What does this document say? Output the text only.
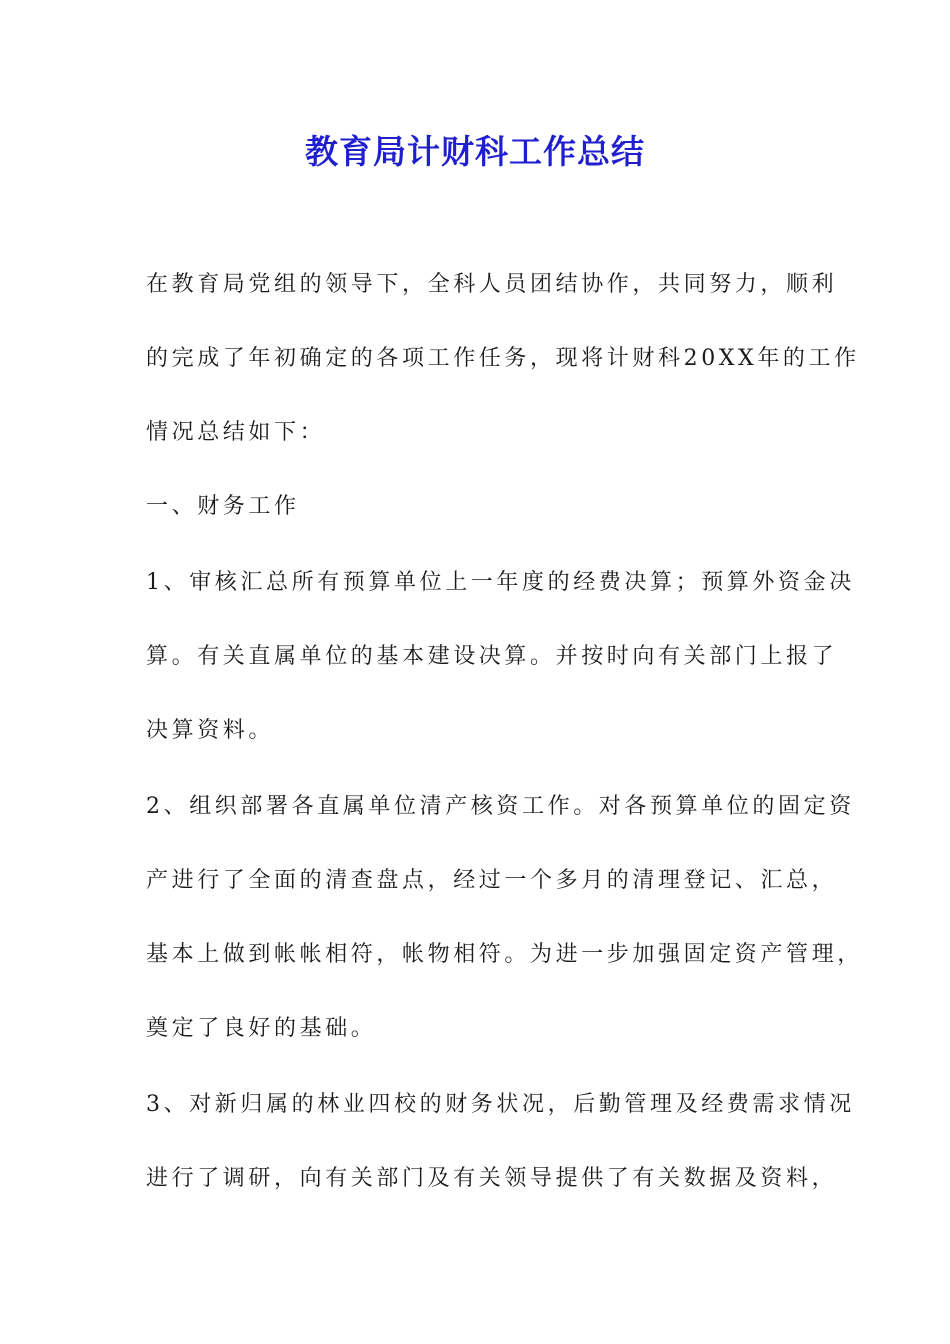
教育局计财科工作总结
在教育局党组的领导下，全科人员团结协作，共同努力，顺利
的完成了年初确定的各项工作任务，现将计财科20XX年的工作
情况总结如下：
一、财务工作
1、审核汇总所有预算单位上一年度的经费决算；预算外资金决
算。有关直属单位的基本建设决算。并按时向有关部门上报了
决算资料。
2、组织部署各直属单位清产核资工作。对各预算单位的固定资
产进行了全面的清查盘点，经过一个多月的清理登记、汇总，
基本上做到帐帐相符，帐物相符。为进一步加强固定资产管理，
奠定了良好的基础。
3、对新归属的林业四校的财务状况，后勤管理及经费需求情况
进行了调研，向有关部门及有关领导提供了有关数据及资料，
